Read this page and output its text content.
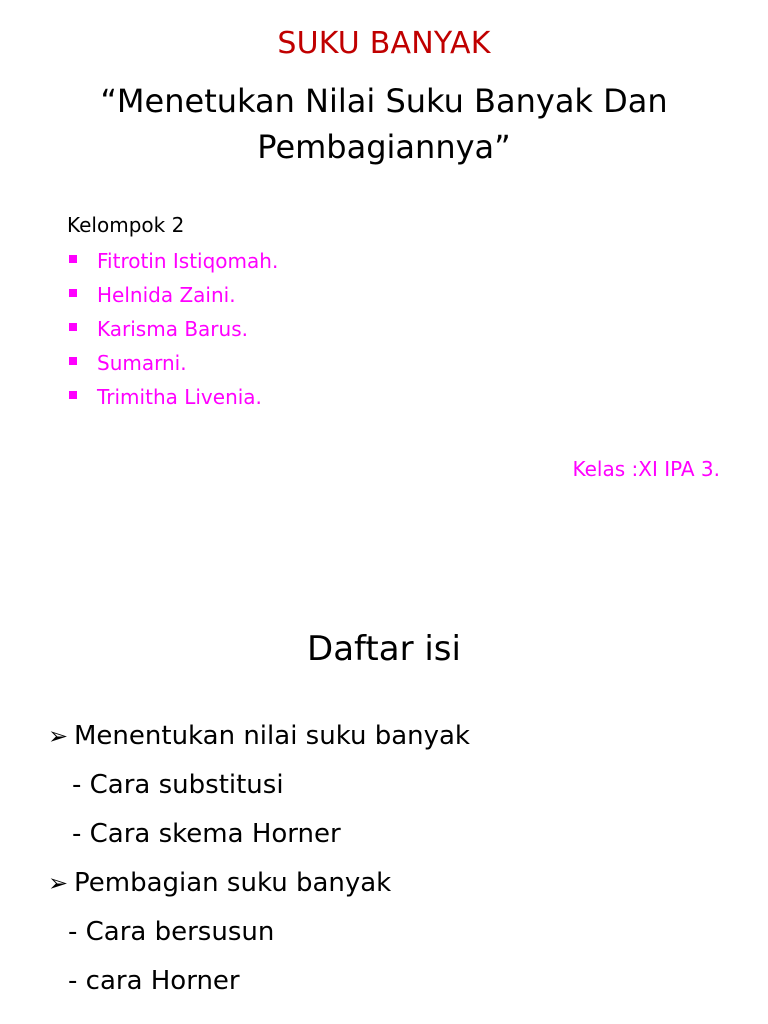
SUKU BANYAK
“Menetukan Nilai Suku Banyak Dan Pembagiannya”
Kelompok 2
Fitrotin Istiqomah.
Helnida Zaini.
Karisma Barus.
Sumarni.
Trimitha Livenia.
Kelas :XI IPA 3.
Daftar isi
➢ Menentukan nilai suku banyak
- Cara substitusi
- Cara skema Horner
➢ Pembagian suku banyak
- Cara bersusun
- cara Horner
